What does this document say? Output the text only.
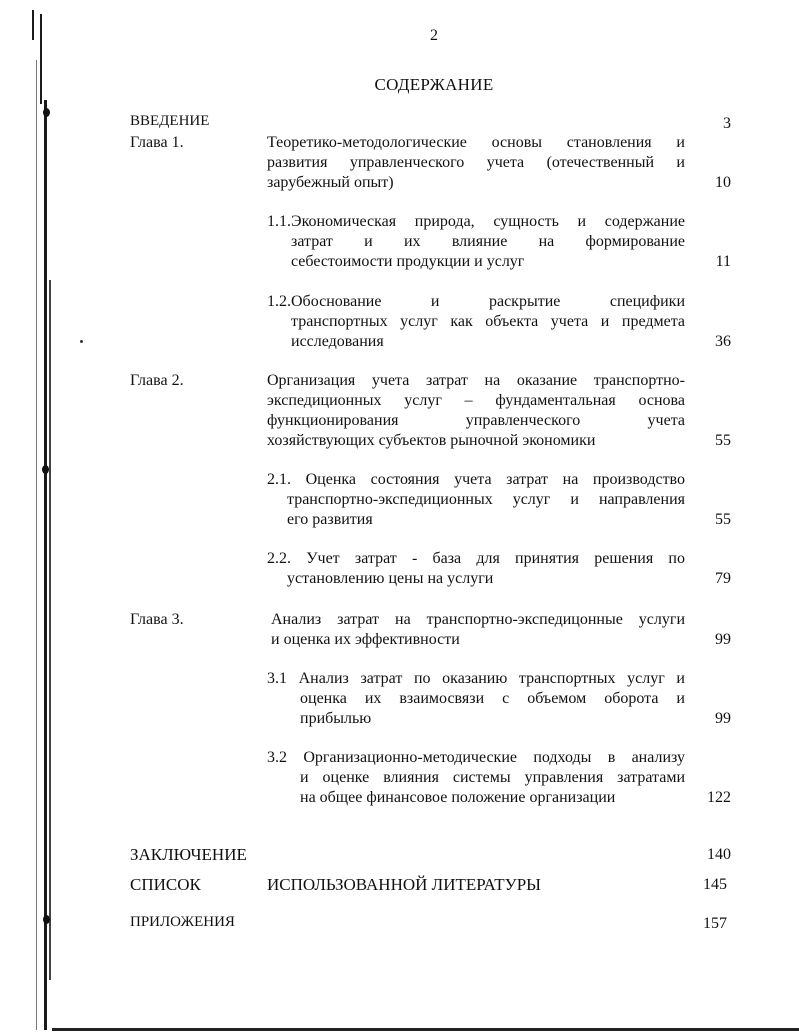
2
СОДЕРЖАНИЕ
ВВЕДЕНИЕ	3
Глава 1.	Теоретико-методологические основы становления и
развития управленческого учета (отечественный и
зарубежный опыт)	10
1.1.Экономическая природа, сущность и содержание
затрат и их влияние на формирование
себестоимости продукции и услуг	11
1.2.Обоснование и раскрытие специфики
транспортных услуг как объекта учета и предмета
исследования	36
Глава 2.	Организация учета затрат на оказание транспортно-
экспедиционных услуг – фундаментальная основа
функционирования управленческого учета
хозяйствующих субъектов рыночной экономики	55
2.1. Оценка состояния учета затрат на производство
транспортно-экспедиционных услуг и направления
его развития	55
2.2. Учет затрат - база для принятия решения по
установлению цены на услуги	79
Глава 3.	Анализ затрат на транспортно-экспедицонные услуги
и оценка их эффективности	99
3.1 Анализ затрат по оказанию транспортных услуг и
оценка их взаимосвязи с объемом оборота и
прибылью	99
3.2 Организационно-методические подходы в анализу
и оценке влияния системы управления затратами
на общее финансовое положение организации	122
ЗАКЛЮЧЕНИЕ	140
СПИСОК	ИСПОЛЬЗОВАННОЙ ЛИТЕРАТУРЫ	145
ПРИЛОЖЕНИЯ	157
